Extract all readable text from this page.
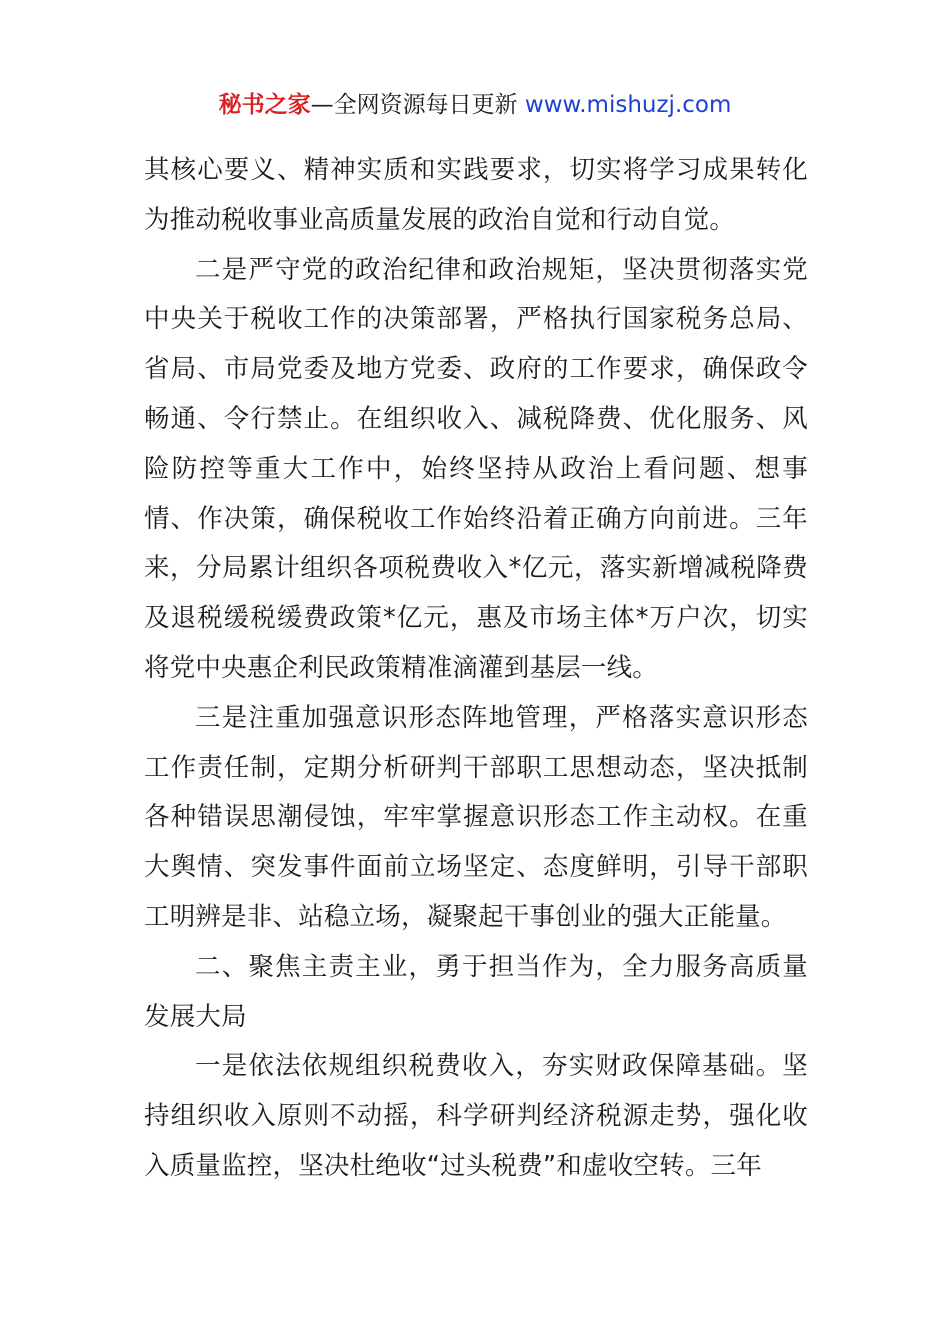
秘书之家—全网资源每日更新 www.mishuzj.com

其核心要义、精神实质和实践要求，切实将学习成果转化为推动税收事业高质量发展的政治自觉和行动自觉。

二是严守党的政治纪律和政治规矩，坚决贯彻落实党中央关于税收工作的决策部署，严格执行国家税务总局、省局、市局党委及地方党委、政府的工作要求，确保政令畅通、令行禁止。在组织收入、减税降费、优化服务、风险防控等重大工作中，始终坚持从政治上看问题、想事情、作决策，确保税收工作始终沿着正确方向前进。三年来，分局累计组织各项税费收入*亿元，落实新增减税降费及退税缓税缓费政策*亿元，惠及市场主体*万户次，切实将党中央惠企利民政策精准滴灌到基层一线。

三是注重加强意识形态阵地管理，严格落实意识形态工作责任制，定期分析研判干部职工思想动态，坚决抵制各种错误思潮侵蚀，牢牢掌握意识形态工作主动权。在重大舆情、突发事件面前立场坚定、态度鲜明，引导干部职工明辨是非、站稳立场，凝聚起干事创业的强大正能量。

二、聚焦主责主业，勇于担当作为，全力服务高质量发展大局

一是依法依规组织税费收入，夯实财政保障基础。坚持组织收入原则不动摇，科学研判经济税源走势，强化收入质量监控，坚决杜绝收“过头税费”和虚收空转。三年
